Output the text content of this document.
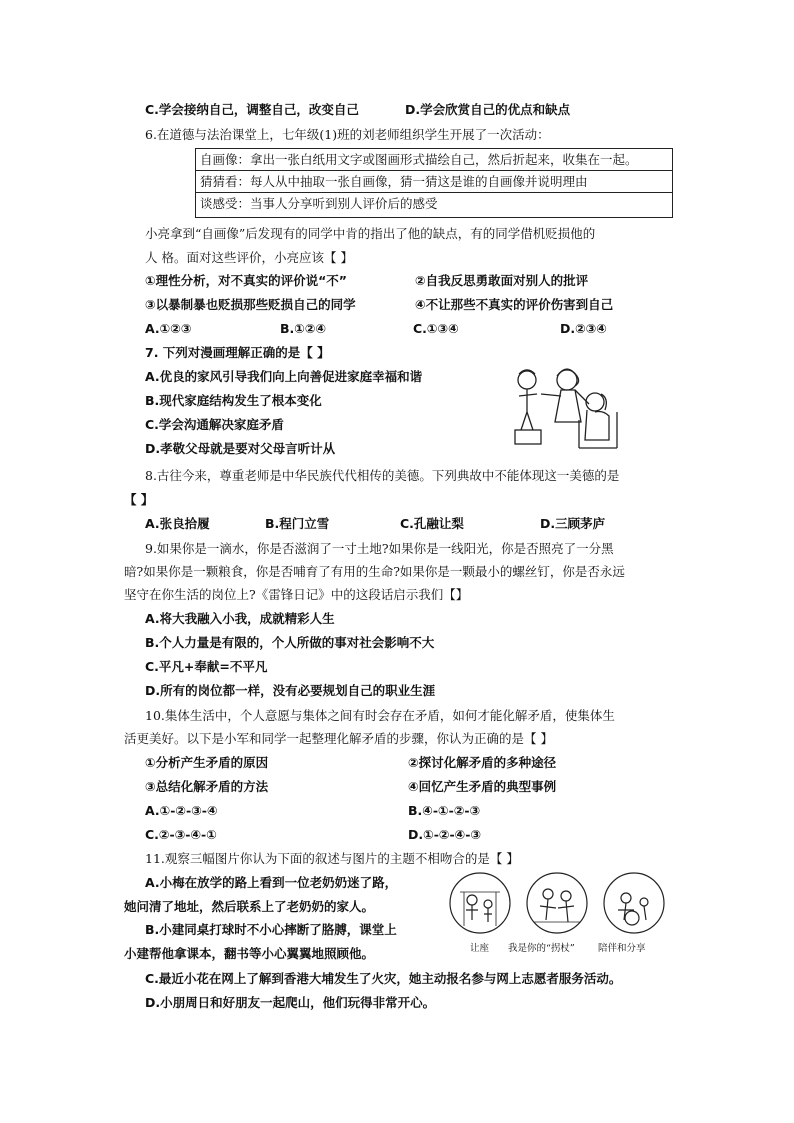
C.学会接纳自己，调整自己，改变自己	D.学会欣赏自己的优点和缺点
6.在道德与法治课堂上，七年级(1)班的刘老师组织学生开展了一次活动：
自画像：拿出一张白纸用文字或图画形式描绘自己，然后折起来，收集在一起。
猜猜看：每人从中抽取一张自画像，猜一猜这是谁的自画像并说明理由
谈感受：当事人分享听到别人评价后的感受
小亮拿到“自画像”后发现有的同学中肯的指出了他的缺点，有的同学借机贬损他的
人 格。面对这些评价，小亮应该【 】
①理性分析，对不真实的评价说“不”	②自我反思勇敢面对别人的批评
③以暴制暴也贬损那些贬损自己的同学	④不让那些不真实的评价伤害到自己
A.①②③	B.①②④	C.①③④	D.②③④
7. 下列对漫画理解正确的是【 】
A.优良的家风引导我们向上向善促进家庭幸福和谐
B.现代家庭结构发生了根本变化
C.学会沟通解决家庭矛盾
D.孝敬父母就是要对父母言听计从
8.古往今来，尊重老师是中华民族代代相传的美德。下列典故中不能体现这一美德的是
【 】
A.张良拾履	B.程门立雪	C.孔融让梨	D.三顾茅庐
9.如果你是一滴水，你是否滋润了一寸土地?如果你是一线阳光，你是否照亮了一分黑
暗?如果你是一颗粮食，你是否哺育了有用的生命?如果你是一颗最小的螺丝钉，你是否永远
坚守在你生活的岗位上?《雷锋日记》中的这段话启示我们【】
A.将大我融入小我，成就精彩人生
B.个人力量是有限的，个人所做的事对社会影响不大
C.平凡+奉献=不平凡
D.所有的岗位都一样，没有必要规划自己的职业生涯
10.集体生活中，个人意愿与集体之间有时会存在矛盾，如何才能化解矛盾，使集体生
活更美好。以下是小军和同学一起整理化解矛盾的步骤，你认为正确的是【 】
①分析产生矛盾的原因	②探讨化解矛盾的多种途径
③总结化解矛盾的方法	④回忆产生矛盾的典型事例
A.①-②-③-④	B.④-①-②-③
C.②-③-④-①	D.①-②-④-③
11.观察三幅图片你认为下面的叙述与图片的主题不相吻合的是【 】
A.小梅在放学的路上看到一位老奶奶迷了路，
她问清了地址，然后联系上了老奶奶的家人。
B.小建同桌打球时不小心摔断了胳膊，课堂上
小建帮他拿课本，翻书等小心翼翼地照顾他。
C.最近小花在网上了解到香港大埔发生了火灾，她主动报名参与网上志愿者服务活动。
D.小朋周日和好朋友一起爬山，他们玩得非常开心。
让座 我是你的“拐杖” 陪伴和分享
